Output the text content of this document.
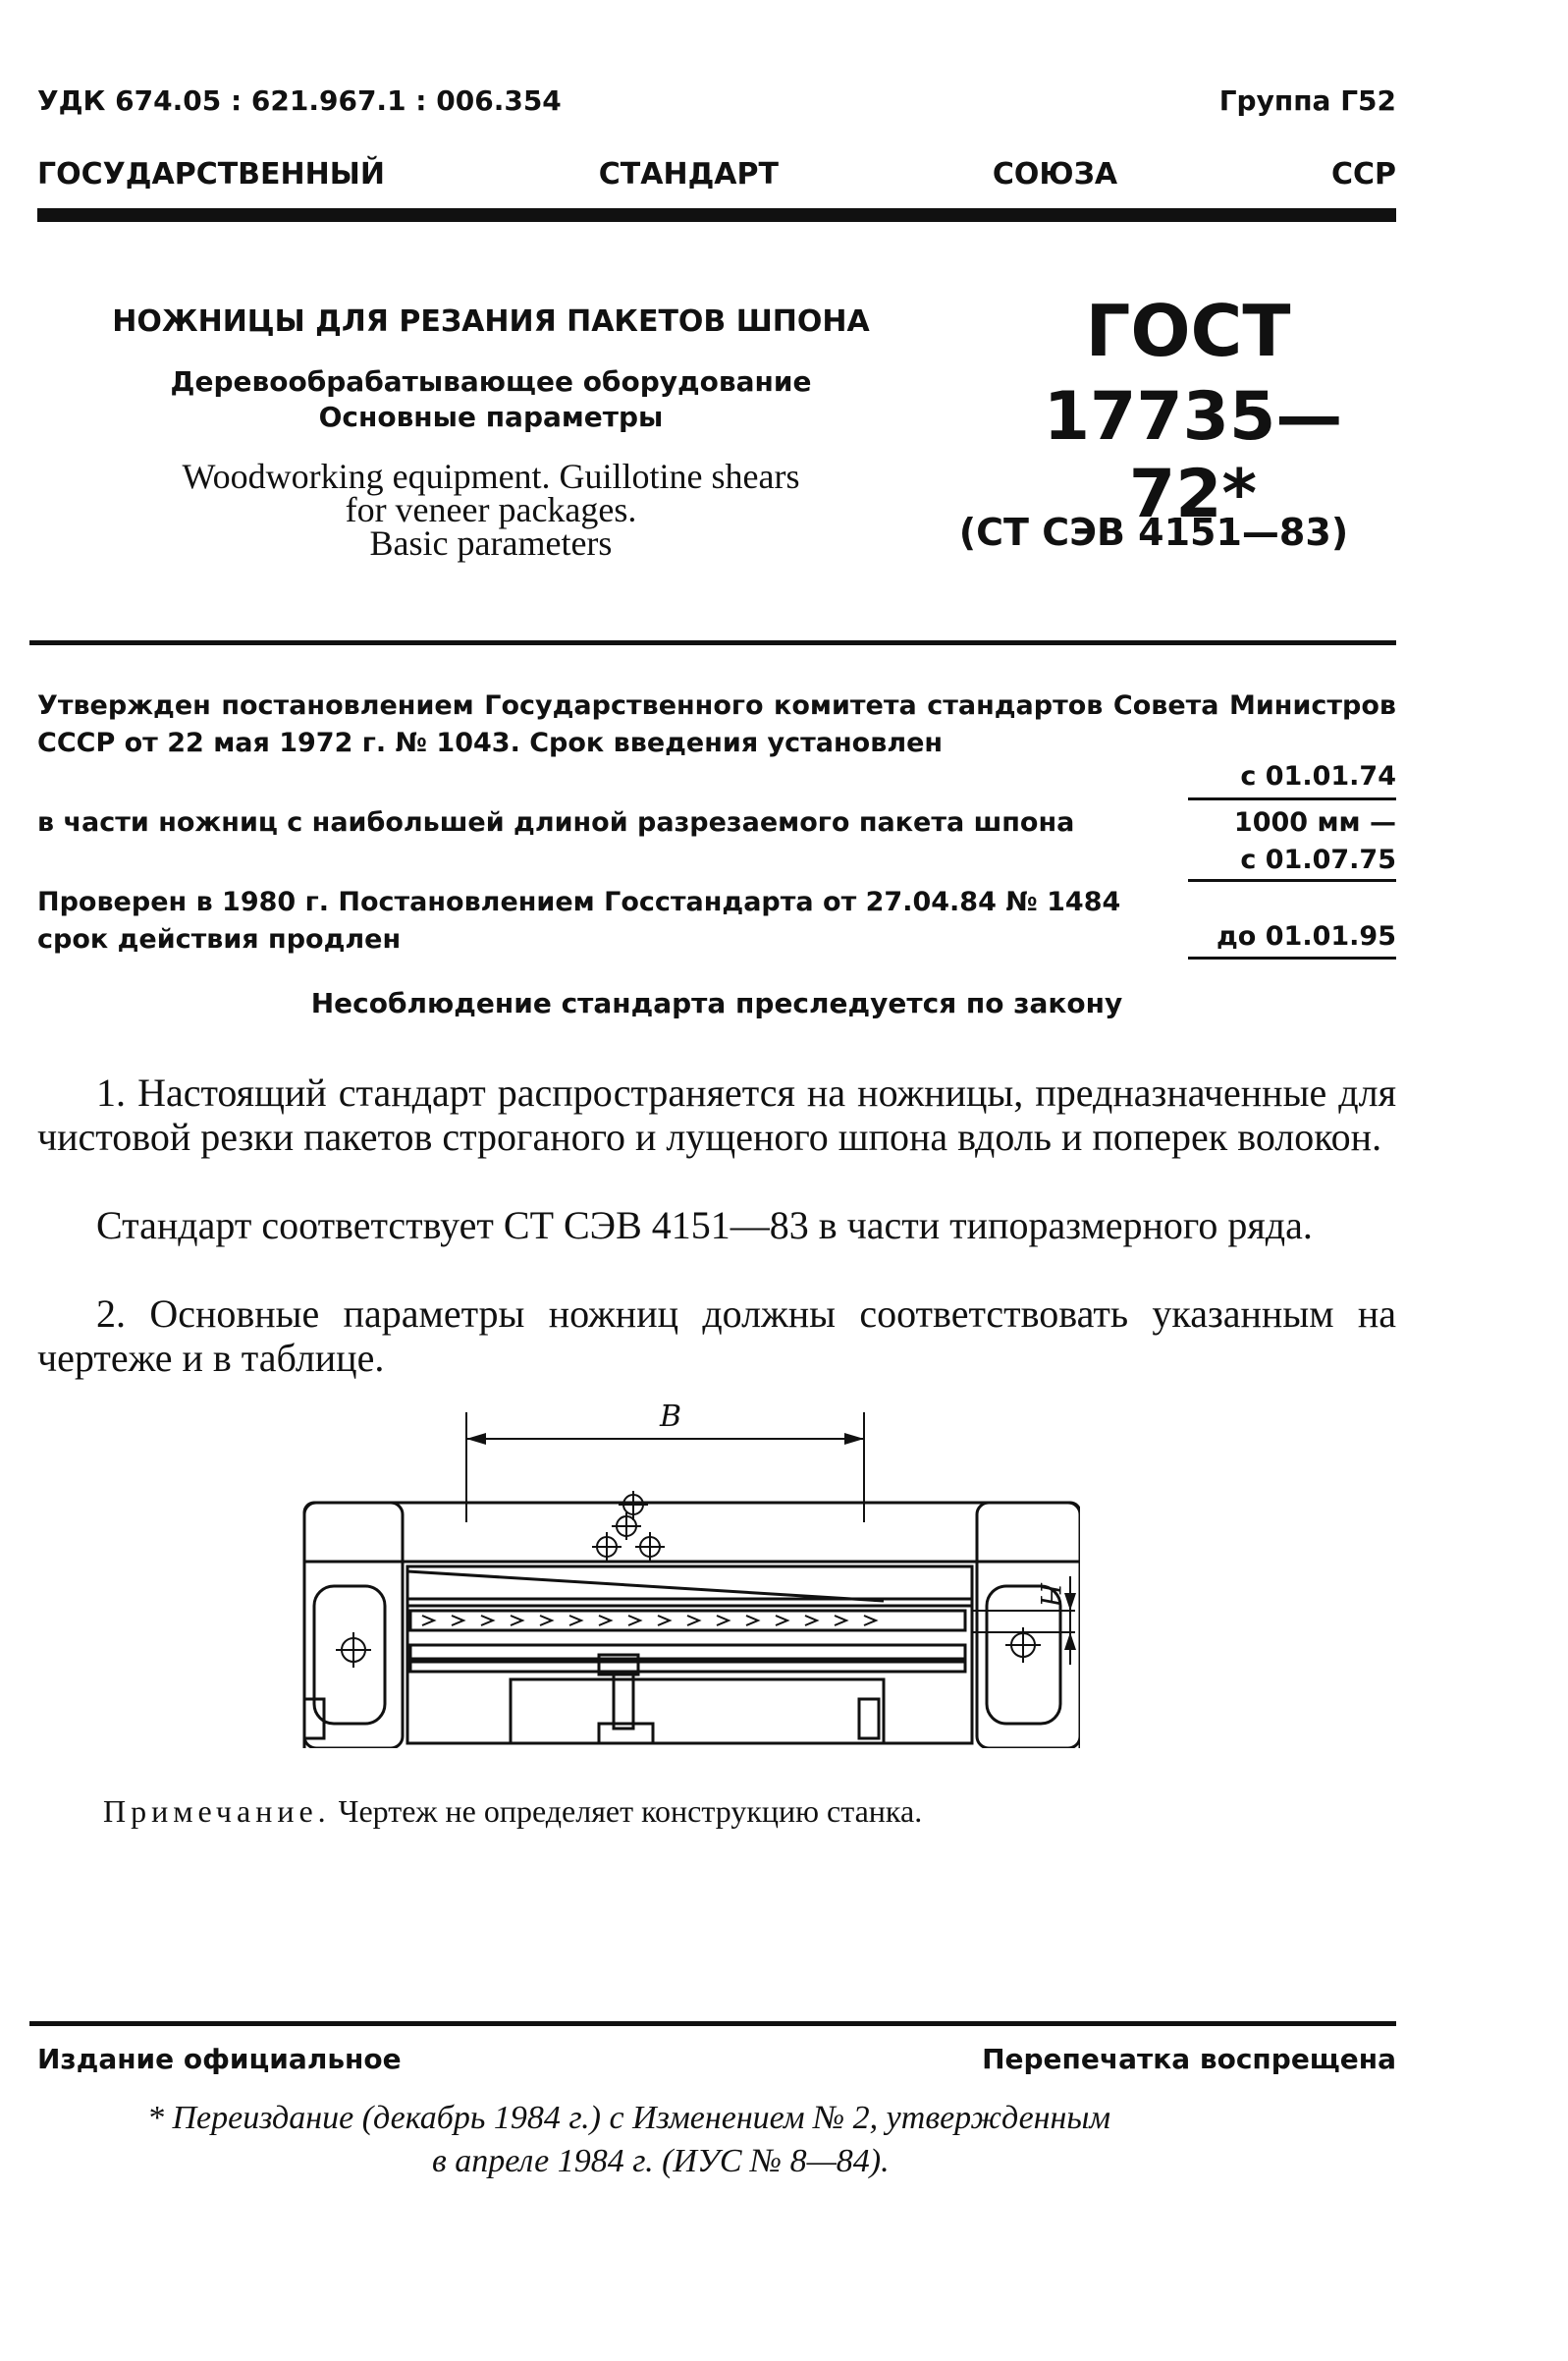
УДК 674.05 : 621.967.1 : 006.354	Группа Г52
ГОСУДАРСТВЕННЫЙ	СТАНДАРТ	СОЮЗА	ССР
НОЖНИЦЫ ДЛЯ РЕЗАНИЯ ПАКЕТОВ ШПОНА
Деревообрабатывающее оборудование
Основные параметры
Woodworking equipment. Guillotine shears
for veneer packages.
Basic parameters
ГОСТ
17735—72*
(СТ СЭВ 4151—83)
Утвержден постановлением Государственного комитета стандартов Совета Министров СССР от 22 мая 1972 г. № 1043. Срок введения установлен
с 01.01.74
в части ножниц с наибольшей длиной разрезаемого пакета шпона	1000 мм —
с 01.07.75
Проверен в 1980 г. Постановлением Госстандарта от 27.04.84 № 1484
срок действия продлен	до 01.01.95
Несоблюдение стандарта преследуется по закону
1. Настоящий стандарт распространяется на ножницы, предназначенные для чистовой резки пакетов строганого и лущеного шпона вдоль и поперек волокон.
Стандарт соответствует СТ СЭВ 4151—83 в части типоразмерного ряда.
2. Основные параметры ножниц должны соответствовать указанным на чертеже и в таблице.
B
H
Примечание. Чертеж не определяет конструкцию станка.
Издание официальное	Перепечатка воспрещена
* Переиздание (декабрь 1984 г.) с Изменением № 2, утвержденным
в апреле 1984 г. (ИУС № 8—84).
